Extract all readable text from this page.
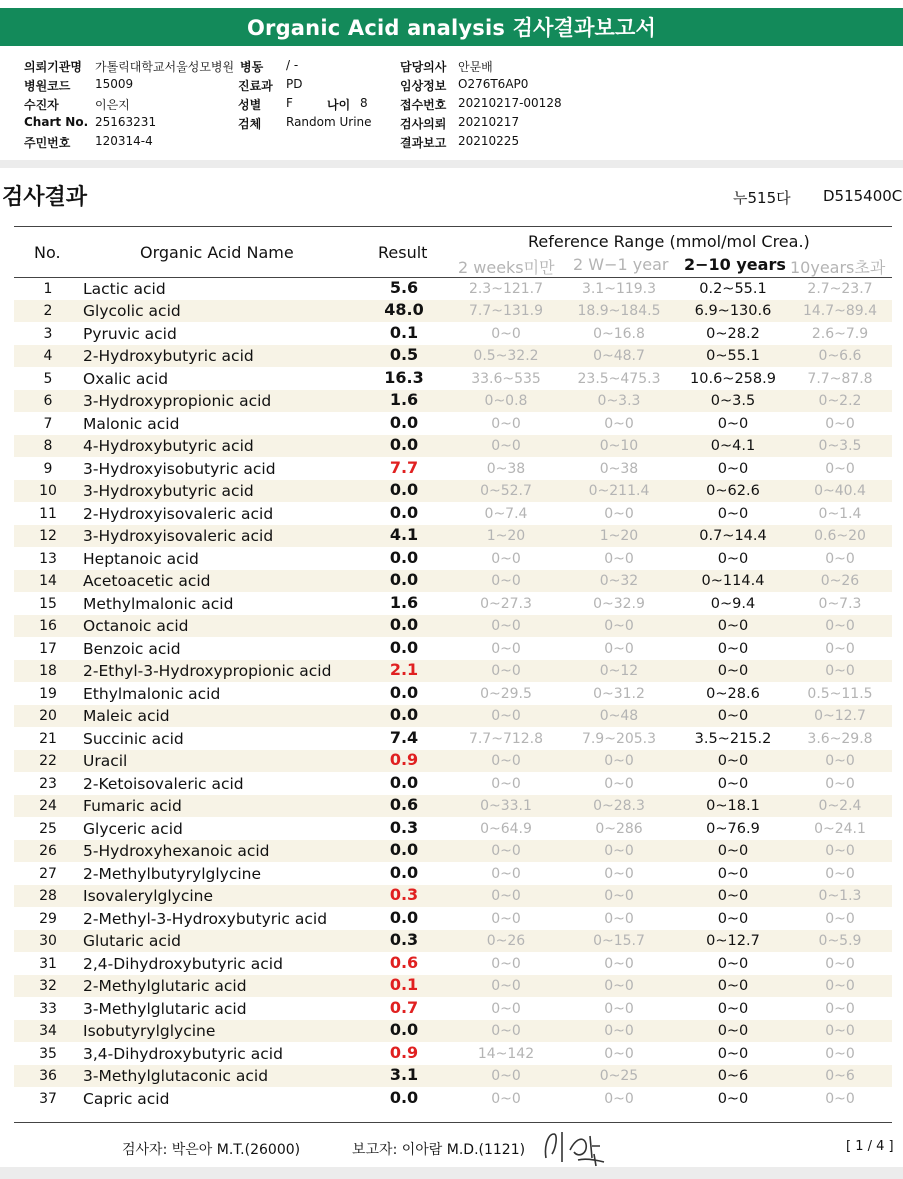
Organic Acid analysis 검사결과보고서
의뢰기관명 가톨릭대학교서울성모병원 병동 / -	담당의사 안문배
병원코드 15009	진료과 PD	임상정보 O276T6AP0
수진자	이은지	성별 F	나이 8	접수번호 20210217-00128
Chart No. 25163231	검체 Random Urine 검사의뢰 20210217
주민번호 120314-4	결과보고 20210225
검사결과	누515다 D515400C
No.	Organic Acid Name	Result
Reference Range (mmol/mol Crea.)
2 weeks미만 2 W−1 year 2−10 years 10years초과
1	Lactic acid	5.6	2.3~121.7	3.1~119.3	0.2~55.1	2.7~23.7
2	Glycolic acid	48.0	7.7~131.9	18.9~184.5	6.9~130.6	14.7~89.4
3	Pyruvic acid	0.1	0~0	0~16.8	0~28.2	2.6~7.9
4	2-Hydroxybutyric acid	0.5	0.5~32.2	0~48.7	0~55.1	0~6.6
5	Oxalic acid	16.3	33.6~535	23.5~475.3	10.6~258.9	7.7~87.8
6	3-Hydroxypropionic acid	1.6	0~0.8	0~3.3	0~3.5	0~2.2
7	Malonic acid	0.0	0~0	0~0	0~0	0~0
8	4-Hydroxybutyric acid	0.0	0~0	0~10	0~4.1	0~3.5
9	3-Hydroxyisobutyric acid	7.7	0~38	0~38	0~0	0~0
10	3-Hydroxybutyric acid	0.0	0~52.7	0~211.4	0~62.6	0~40.4
11	2-Hydroxyisovaleric acid	0.0	0~7.4	0~0	0~0	0~1.4
12	3-Hydroxyisovaleric acid	4.1	1~20	1~20	0.7~14.4	0.6~20
13	Heptanoic acid	0.0	0~0	0~0	0~0	0~0
14	Acetoacetic acid	0.0	0~0	0~32	0~114.4	0~26
15	Methylmalonic acid	1.6	0~27.3	0~32.9	0~9.4	0~7.3
16	Octanoic acid	0.0	0~0	0~0	0~0	0~0
17	Benzoic acid	0.0	0~0	0~0	0~0	0~0
18	2-Ethyl-3-Hydroxypropionic acid	2.1	0~0	0~12	0~0	0~0
19	Ethylmalonic acid	0.0	0~29.5	0~31.2	0~28.6	0.5~11.5
20	Maleic acid	0.0	0~0	0~48	0~0	0~12.7
21	Succinic acid	7.4	7.7~712.8	7.9~205.3	3.5~215.2	3.6~29.8
22	Uracil	0.9	0~0	0~0	0~0	0~0
23	2-Ketoisovaleric acid	0.0	0~0	0~0	0~0	0~0
24	Fumaric acid	0.6	0~33.1	0~28.3	0~18.1	0~2.4
25	Glyceric acid	0.3	0~64.9	0~286	0~76.9	0~24.1
26	5-Hydroxyhexanoic acid	0.0	0~0	0~0	0~0	0~0
27	2-Methylbutyrylglycine	0.0	0~0	0~0	0~0	0~0
28	Isovalerylglycine	0.3	0~0	0~0	0~0	0~1.3
29	2-Methyl-3-Hydroxybutyric acid	0.0	0~0	0~0	0~0	0~0
30	Glutaric acid	0.3	0~26	0~15.7	0~12.7	0~5.9
31	2,4-Dihydroxybutyric acid	0.6	0~0	0~0	0~0	0~0
32	2-Methylglutaric acid	0.1	0~0	0~0	0~0	0~0
33	3-Methylglutaric acid	0.7	0~0	0~0	0~0	0~0
34	Isobutyrylglycine	0.0	0~0	0~0	0~0	0~0
35	3,4-Dihydroxybutyric acid	0.9	14~142	0~0	0~0	0~0
36	3-Methylglutaconic acid	3.1	0~0	0~25	0~6	0~6
37	Capric acid	0.0	0~0	0~0	0~0	0~0
검사자: 박은아 M.T.(26000)	보고자: 이아람 M.D.(1121)	[ 1 / 4 ]
